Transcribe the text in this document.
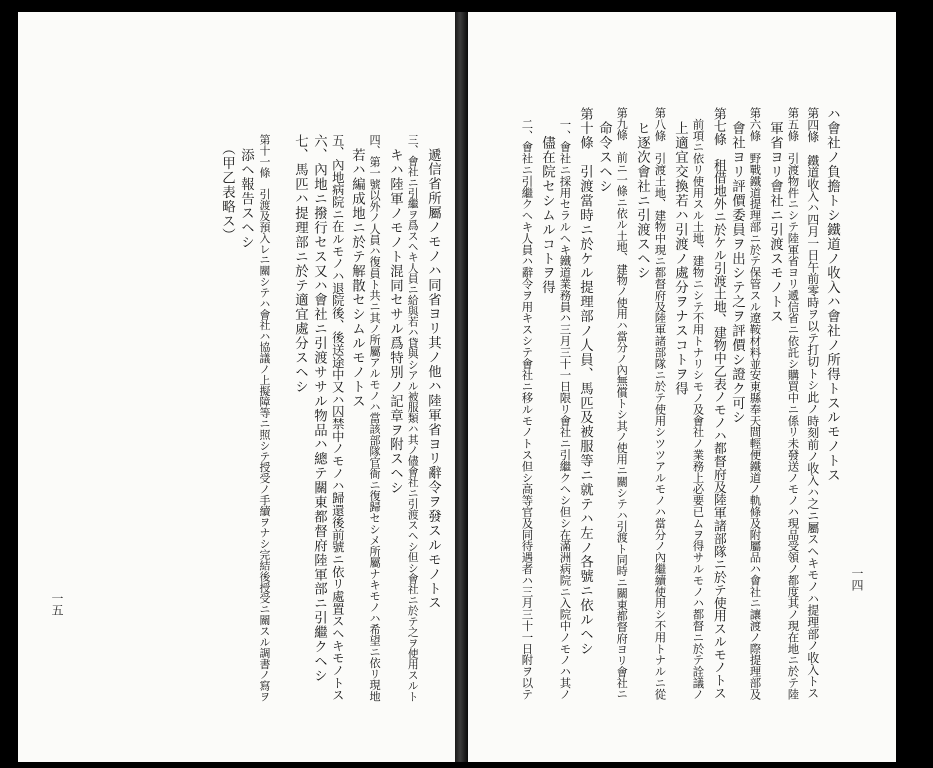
一五	遞信省所屬ノモノハ同省ヨリ其ノ他ハ陸軍省ヨリ辭令ヲ發スルモノトス
三、會社ニ引繼ヲ爲スヘキ人員ニ給與若ハ貸與シアル被服類ハ其ノ儘會社ニ引渡スヘシ但シ會社ニ於テ之ヲ使用スルト
　キハ陸軍ノモノト混同セサル爲特別ノ記章ヲ附スヘシ
四、第一號以外ノ人員ハ復員ト共ニ其ノ所屬アルモノハ當該部隊官衙ニ復歸セシメ所屬ナキモノハ希望ニ依リ現地
　若ハ編成地ニ於テ解散セシムルモノトス
五、內地病院ニ在ルモノハ退院後、後送途中又ハ囚禁中ノモノハ歸還後前號ニ依リ處置スヘキモノトス
六、內地ニ撥行セス又ハ會社ニ引渡ササル物品ハ總テ關東都督府陸軍部ニ引繼クヘシ
七、馬匹ハ提理部ニ於テ適宜處分スヘシ
第十一條　引渡及預入レニ關シテハ會社ハ協議ノ上擬障等ニ照シテ授受ノ手續ヲナシ完結後授受ニ關スル調書ノ寫ヲ
　添ヘ報告スヘシ
　（甲乙表略ス）
一四
ハ會社ノ負擔トシ鐵道ノ收入ハ會社ノ所得トスルモノトス
第四條　鐵道收入ハ四月一日午前零時ヲ以テ打切トシ此ノ時刻前ノ收入ハ之ニ屬スヘキモノハ提理部ノ收入トス
第五條　引渡物件ニシテ陸軍省ヨリ遞信省ニ依託シ購買中ニ係リ未發送ノモノハ現品受領ノ都度其ノ現在地ニ於テ陸
　軍省ヨリ會社ニ引渡スモノトス
第六條　野戰鐵道提理部ニ於テ保管スル遼鞍材料並安東縣奉天間輕便鐵道ノ軌條及附屬品ハ會社ニ讓渡ノ際提理部及
　會社ヨリ評價委員ヲ出シテ之ヲ評價シ證ク可シ
第七條　租借地外ニ於ケル引渡土地、建物中乙表ノモノハ都督府及陸軍諸部隊ニ於テ使用スルモノトス
　前項ニ依リ使用スル土地、建物ニシテ不用トナリシモノ及會社ノ業務上必要已ムヲ得サルモノハ都督ニ於テ詮議ノ
　上適宜交換若ハ引渡ノ處分ヲナスコトヲ得
第八條　引渡土地、建物中現ニ都督府及陸軍諸部隊ニ於テ使用シツツアルモノハ當分ノ內繼續使用シ不用トナルニ從
　ヒ逐次會社ニ引渡スヘシ
第九條　前ニ一條ニ依ル土地、建物ノ使用ハ當分ノ內無償トシ其ノ使用ニ關シテハ引渡ト同時ニ關東都督府ヨリ會社ニ
　命令スヘシ
第十條　引渡當時ニ於ケル提理部ノ人員、馬匹及被服等ニ就テハ左ノ各號ニ依ルヘシ
　一、會社ニ採用セラルヘキ鐵道業務員ハ三月三十一日限リ會社ニ引繼クヘシ但シ在滿洲病院ニ入院中ノモノハ其ノ
　　儘在院セシムルコトヲ得
　二、會社ニ引繼クヘキ人員ハ辭令ヲ用キスシテ會社ニ移ルモノトス但シ高等官及同待遇者ハ三月三十一日附ヲ以テ
